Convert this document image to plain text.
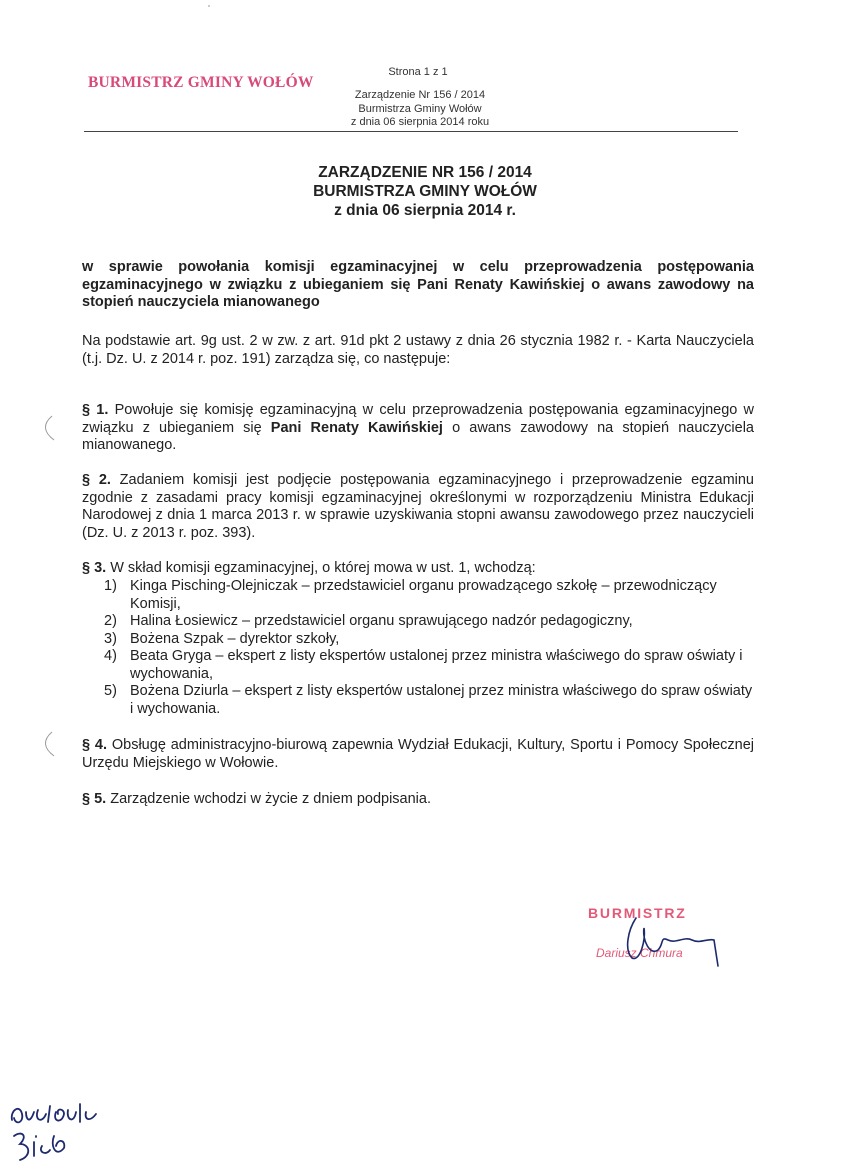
BURMISTRZ GMINY WOŁÓW
Strona 1 z 1
Zarządzenie Nr 156 / 2014
Burmistrza Gminy Wołów
z dnia 06 sierpnia 2014 roku
ZARZĄDZENIE NR 156 / 2014
BURMISTRZA GMINY WOŁÓW
z dnia 06 sierpnia 2014 r.
w sprawie powołania komisji egzaminacyjnej w celu przeprowadzenia postępowania egzaminacyjnego w związku z ubieganiem się Pani Renaty Kawińskiej o awans zawodowy na stopień nauczyciela mianowanego
Na podstawie art. 9g ust. 2 w zw. z art. 91d pkt 2 ustawy z dnia 26 stycznia 1982 r. - Karta Nauczyciela (t.j. Dz. U. z 2014 r. poz. 191) zarządza się, co następuje:
§ 1. Powołuje się komisję egzaminacyjną w celu przeprowadzenia postępowania egzaminacyjnego w związku z ubieganiem się Pani Renaty Kawińskiej o awans zawodowy na stopień nauczyciela mianowanego.
§ 2. Zadaniem komisji jest podjęcie postępowania egzaminacyjnego i przeprowadzenie egzaminu zgodnie z zasadami pracy komisji egzaminacyjnej określonymi w rozporządzeniu Ministra Edukacji Narodowej z dnia 1 marca 2013 r. w sprawie uzyskiwania stopni awansu zawodowego przez nauczycieli (Dz. U. z 2013 r. poz. 393).
§ 3. W skład komisji egzaminacyjnej, o której mowa w ust. 1, wchodzą:
1) Kinga Pisching-Olejniczak – przedstawiciel organu prowadzącego szkołę – przewodniczący Komisji,
2) Halina Łosiewicz – przedstawiciel organu sprawującego nadzór pedagogiczny,
3) Bożena Szpak – dyrektor szkoły,
4) Beata Gryga – ekspert z listy ekspertów ustalonej przez ministra właściwego do spraw oświaty i wychowania,
5) Bożena Dziurla – ekspert z listy ekspertów ustalonej przez ministra właściwego do spraw oświaty i wychowania.
§ 4. Obsługę administracyjno-biurową zapewnia Wydział Edukacji, Kultury, Sportu i Pomocy Społecznej Urzędu Miejskiego w Wołowie.
§ 5. Zarządzenie wchodzi w życie z dniem podpisania.
BURMISTRZ
Dariusz Chmura
